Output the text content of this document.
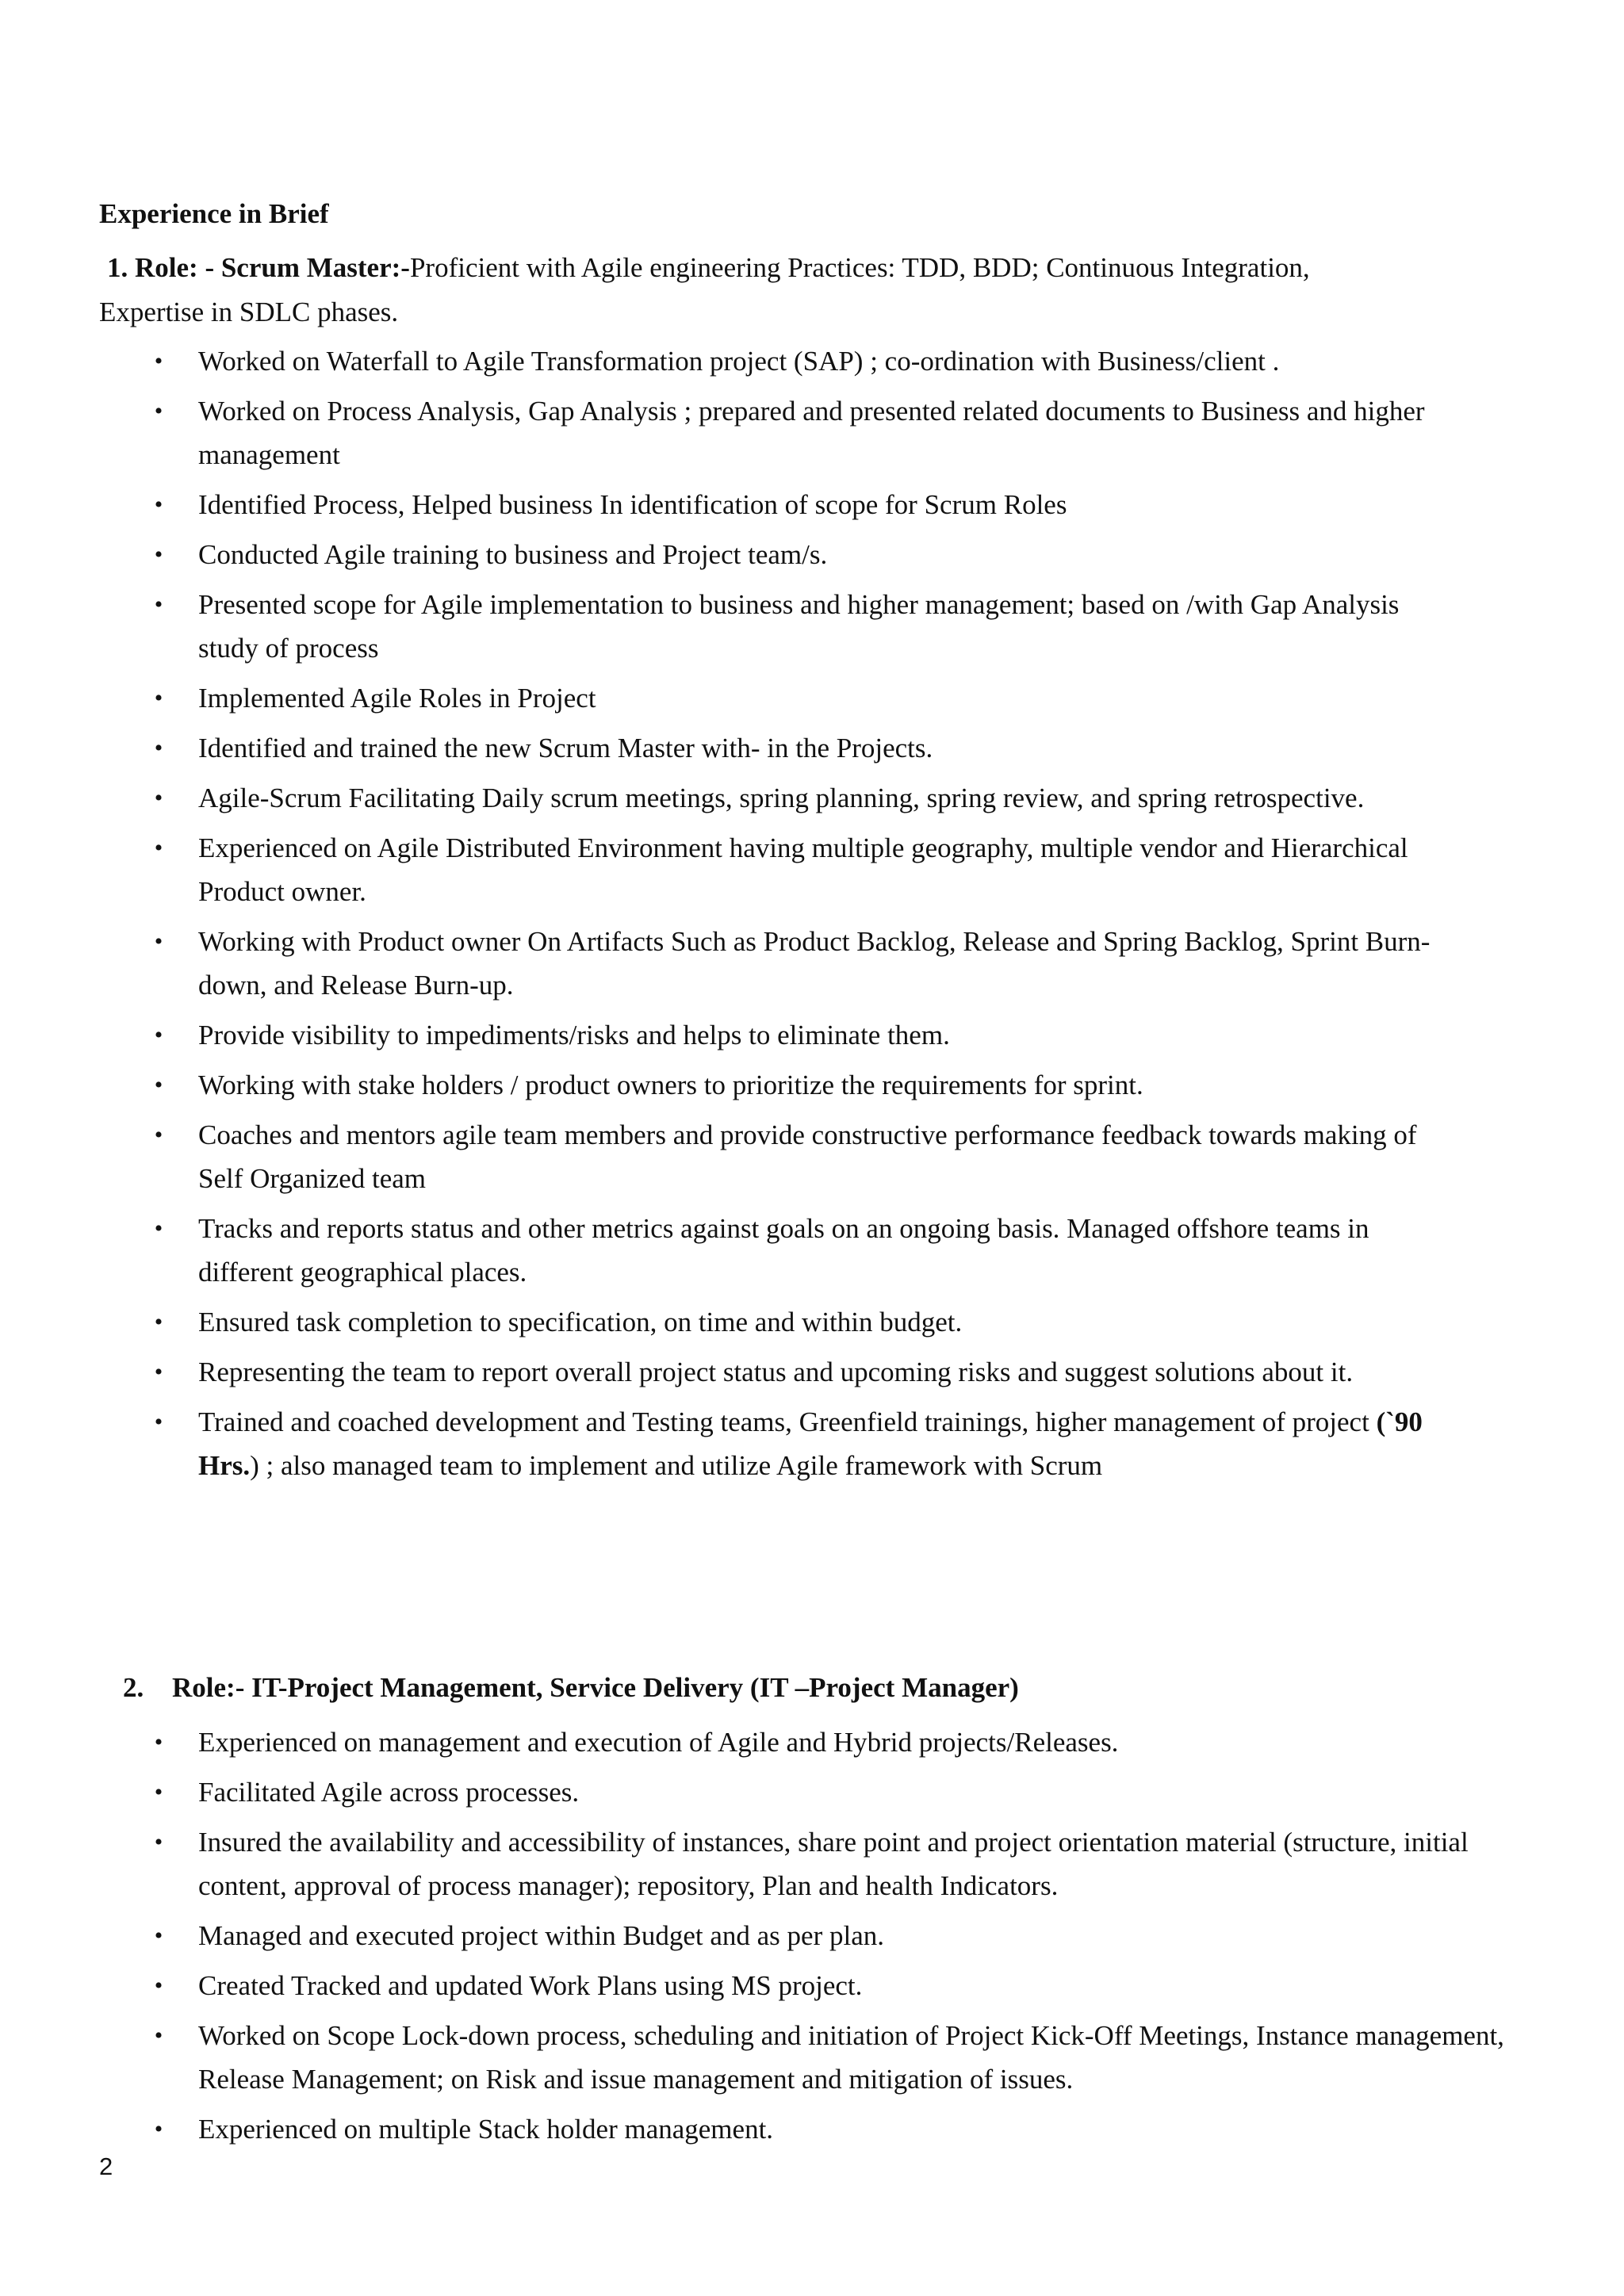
Experience in Brief
1. Role: - Scrum Master:-Proficient with Agile engineering Practices: TDD, BDD; Continuous Integration, Expertise in SDLC phases.
• Worked on Waterfall to Agile Transformation project (SAP) ; co-ordination with Business/client .
• Worked on Process Analysis, Gap Analysis ; prepared and presented related documents to Business and higher management
• Identified Process, Helped business In identification of scope for Scrum Roles
• Conducted Agile training to business and Project team/s.
• Presented scope for Agile implementation to business and higher management; based on /with Gap Analysis study of process
• Implemented Agile Roles in Project
• Identified and trained the new Scrum Master with- in the Projects.
• Agile-Scrum Facilitating Daily scrum meetings, spring planning, spring review, and spring retrospective.
• Experienced on Agile Distributed Environment having multiple geography, multiple vendor and Hierarchical Product owner.
• Working with Product owner On Artifacts Such as Product Backlog, Release and Spring Backlog, Sprint Burn-down, and Release Burn-up.
• Provide visibility to impediments/risks and helps to eliminate them.
• Working with stake holders / product owners to prioritize the requirements for sprint.
• Coaches and mentors agile team members and provide constructive performance feedback towards making of Self Organized team
• Tracks and reports status and other metrics against goals on an ongoing basis. Managed offshore teams in different geographical places.
• Ensured task completion to specification, on time and within budget.
• Representing the team to report overall project status and upcoming risks and suggest solutions about it.
• Trained and coached development and Testing teams, Greenfield trainings, higher management of project (`90 Hrs.) ; also managed team to implement and utilize Agile framework with Scrum
2. Role:- IT-Project Management, Service Delivery (IT –Project Manager)
• Experienced on management and execution of Agile and Hybrid projects/Releases.
• Facilitated Agile across processes.
• Insured the availability and accessibility of instances, share point and project orientation material (structure, initial content, approval of process manager); repository, Plan and health Indicators.
• Managed and executed project within Budget and as per plan.
• Created Tracked and updated Work Plans using MS project.
• Worked on Scope Lock-down process, scheduling and initiation of Project Kick-Off Meetings, Instance management, Release Management; on Risk and issue management and mitigation of issues.
• Experienced on multiple Stack holder management.
2
